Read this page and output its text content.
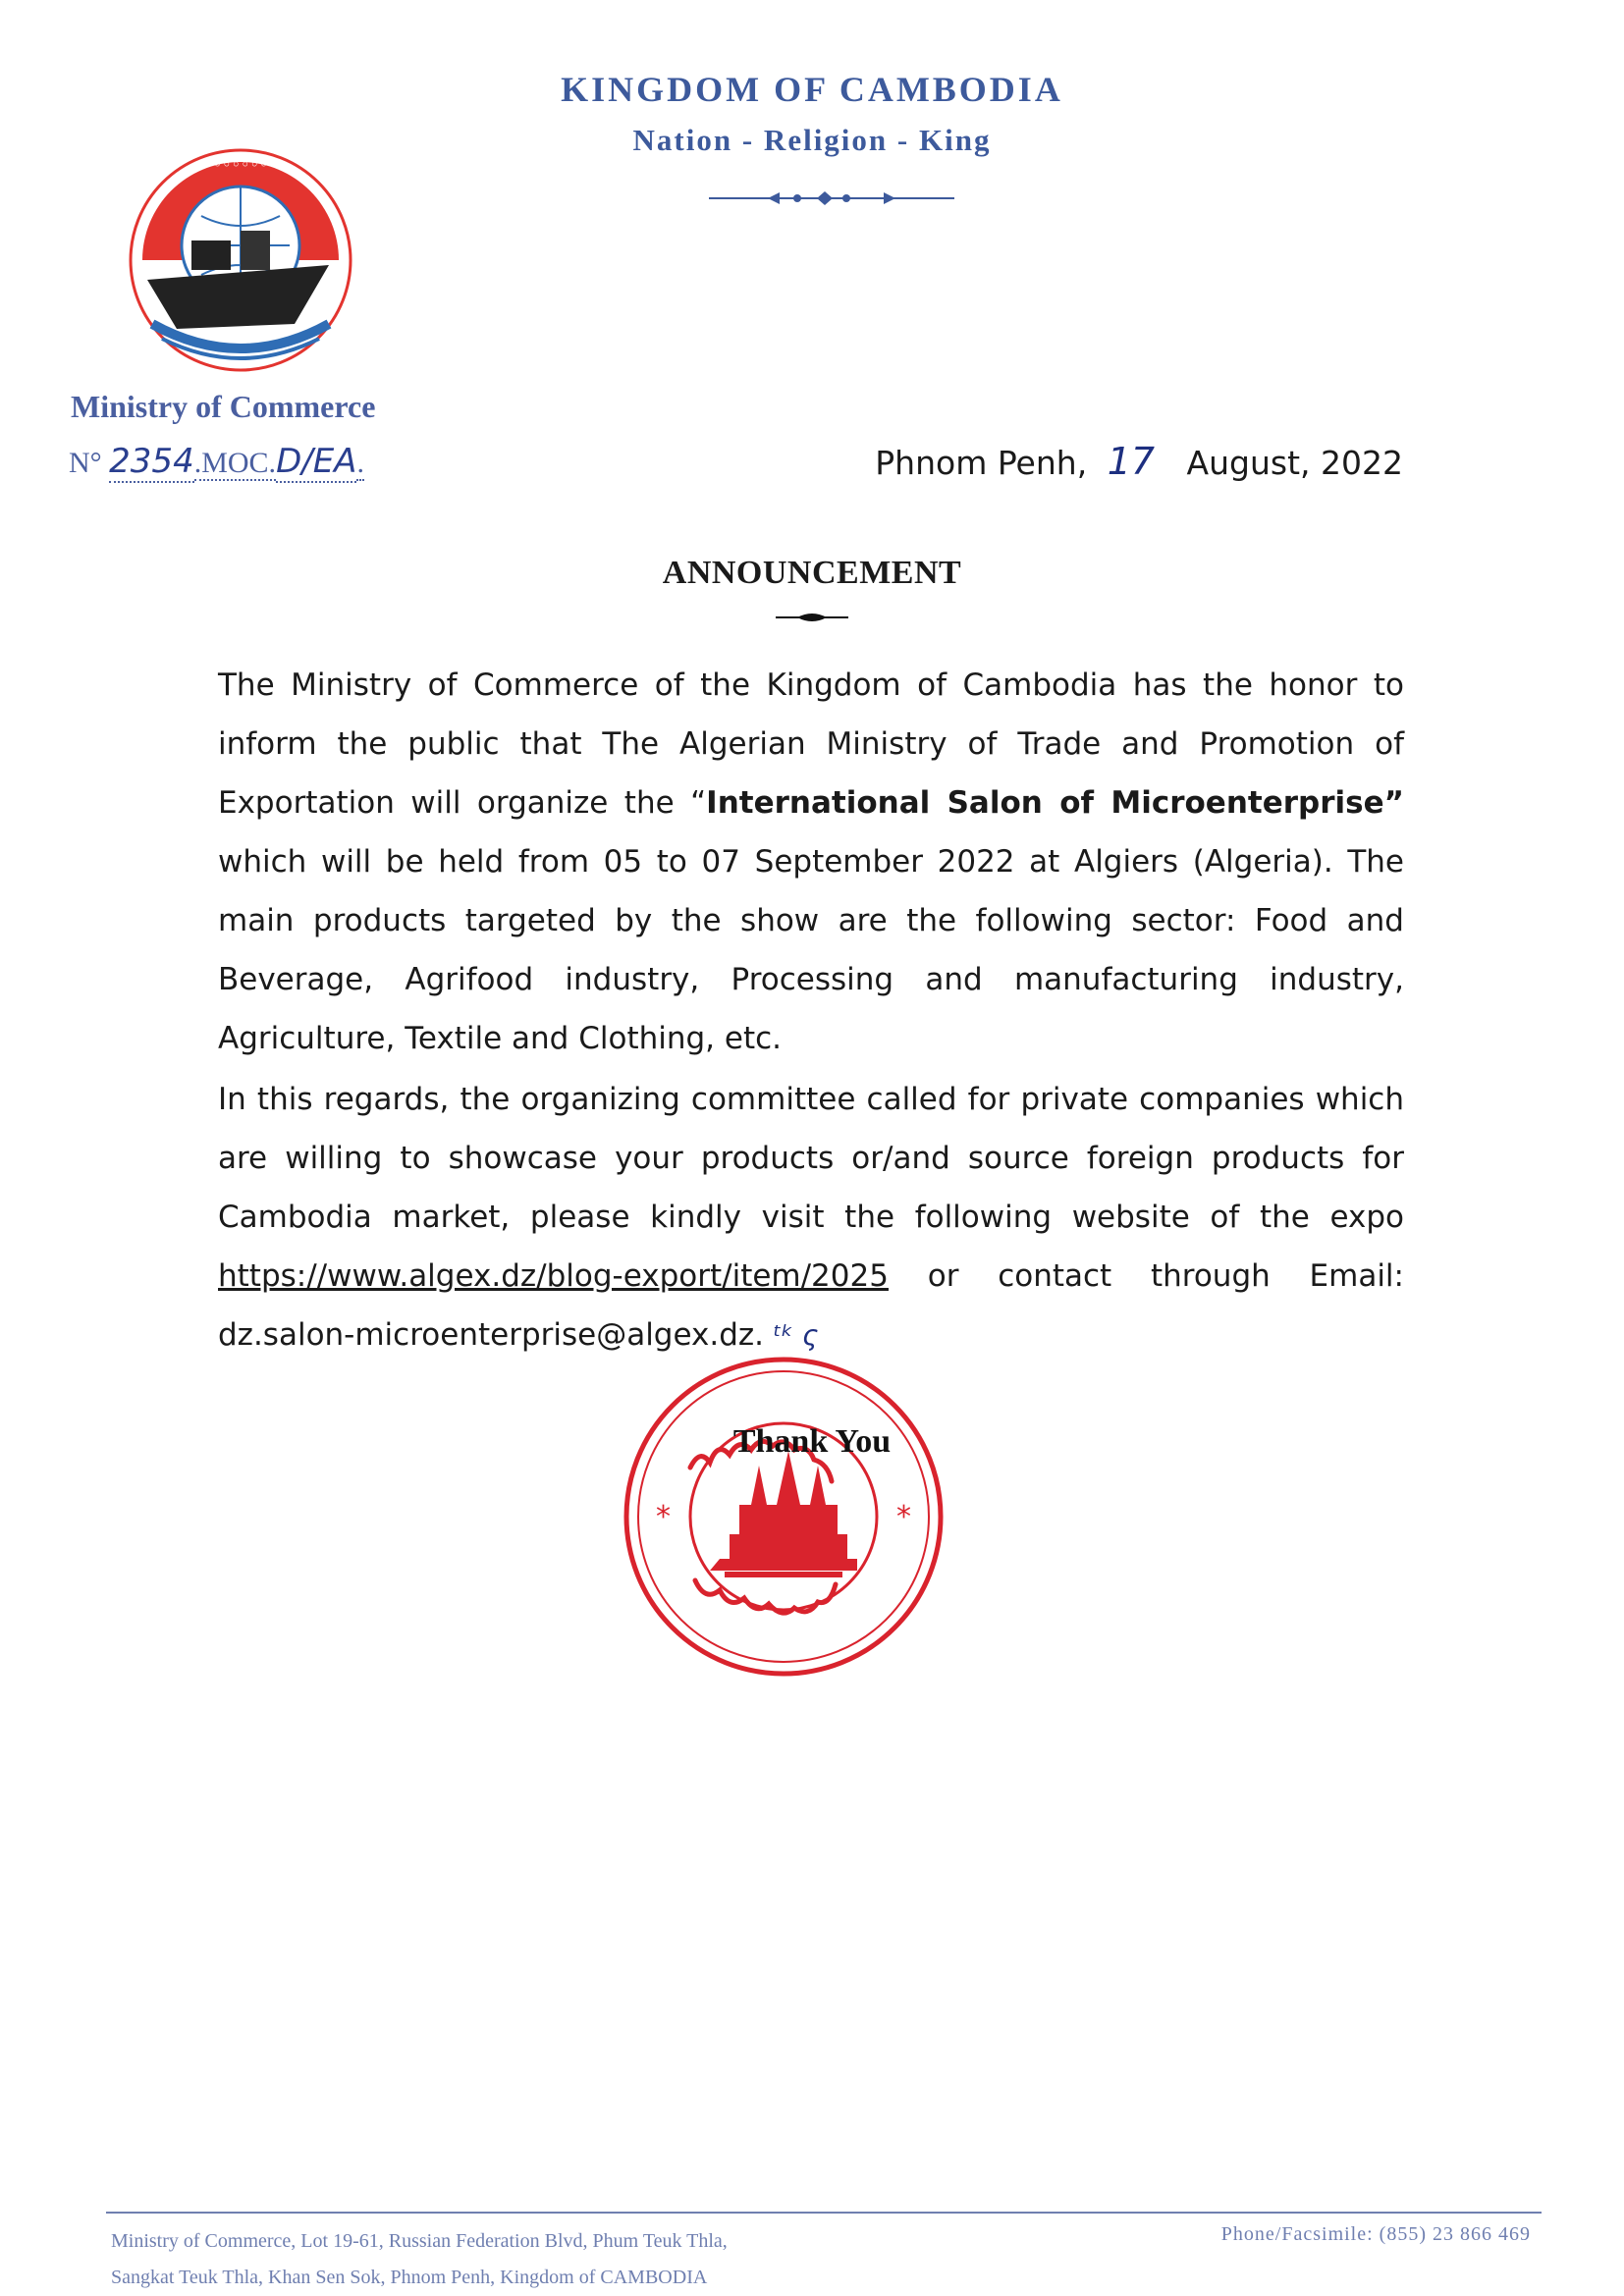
KINGDOM OF CAMBODIA
Nation - Religion - King
◦◦◦◦◦◦◦◦
Ministry of Commerce
N° 2354.MOC.D/EA.	Phnom Penh, 17 August, 2022
ANNOUNCEMENT

The Ministry of Commerce of the Kingdom of Cambodia has the honor to inform the public that The Algerian Ministry of Trade and Promotion of Exportation will organize the “International Salon of Microenterprise” which will be held from 05 to 07 September 2022 at Algiers (Algeria). The main products targeted by the show are the following sector: Food and Beverage, Agrifood industry, Processing and manufacturing industry, Agriculture, Textile and Clothing, etc.

In this regards, the organizing committee called for private companies which are willing to showcase your products or/and source foreign products for Cambodia market, please kindly visit the following website of the expo https://www.algex.dz/blog-export/item/2025 or contact through Email: dz.salon-microenterprise@algex.dz. ᵗᵏ ς

*	*
Thank You
Ministry of Commerce, Lot 19-61, Russian Federation Blvd, Phum Teuk Thla,
Sangkat Teuk Thla, Khan Sen Sok, Phnom Penh, Kingdom of CAMBODIA
Phone/Facsimile: (855) 23 866 469
